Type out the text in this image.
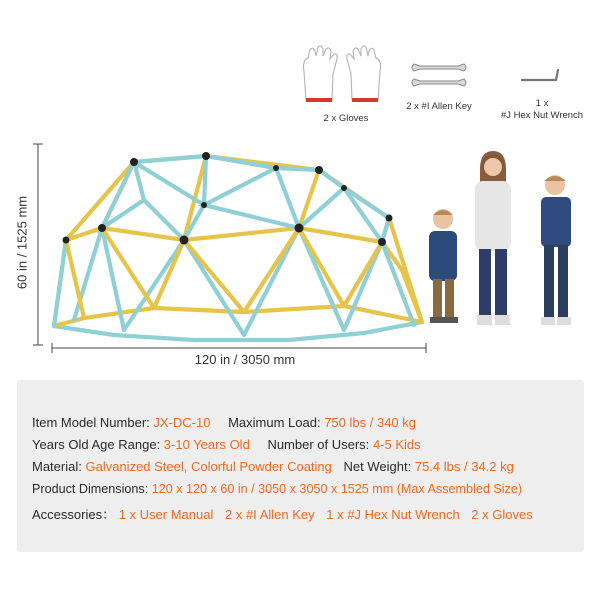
2 x Gloves
2 x #I Allen Key	1 x
#J Hex Nut Wrench
60 in / 1525 mm
120 in / 3050 mm
Item Model Number: JX-DC-10 Maximum Load: 750 lbs / 340 kg
Years Old Age Range: 3-10 Years Old Number of Users: 4-5 Kids
Material: Galvanized Steel, Colorful Powder Coating Net Weight: 75.4 lbs / 34.2 kg
Product Dimensions: 120 x 120 x 60 in / 3050 x 3050 x 1525 mm (Max Assembled Size)
Accessories： 1 x User Manual 2 x #I Allen Key 1 x #J Hex Nut Wrench 2 x Gloves
